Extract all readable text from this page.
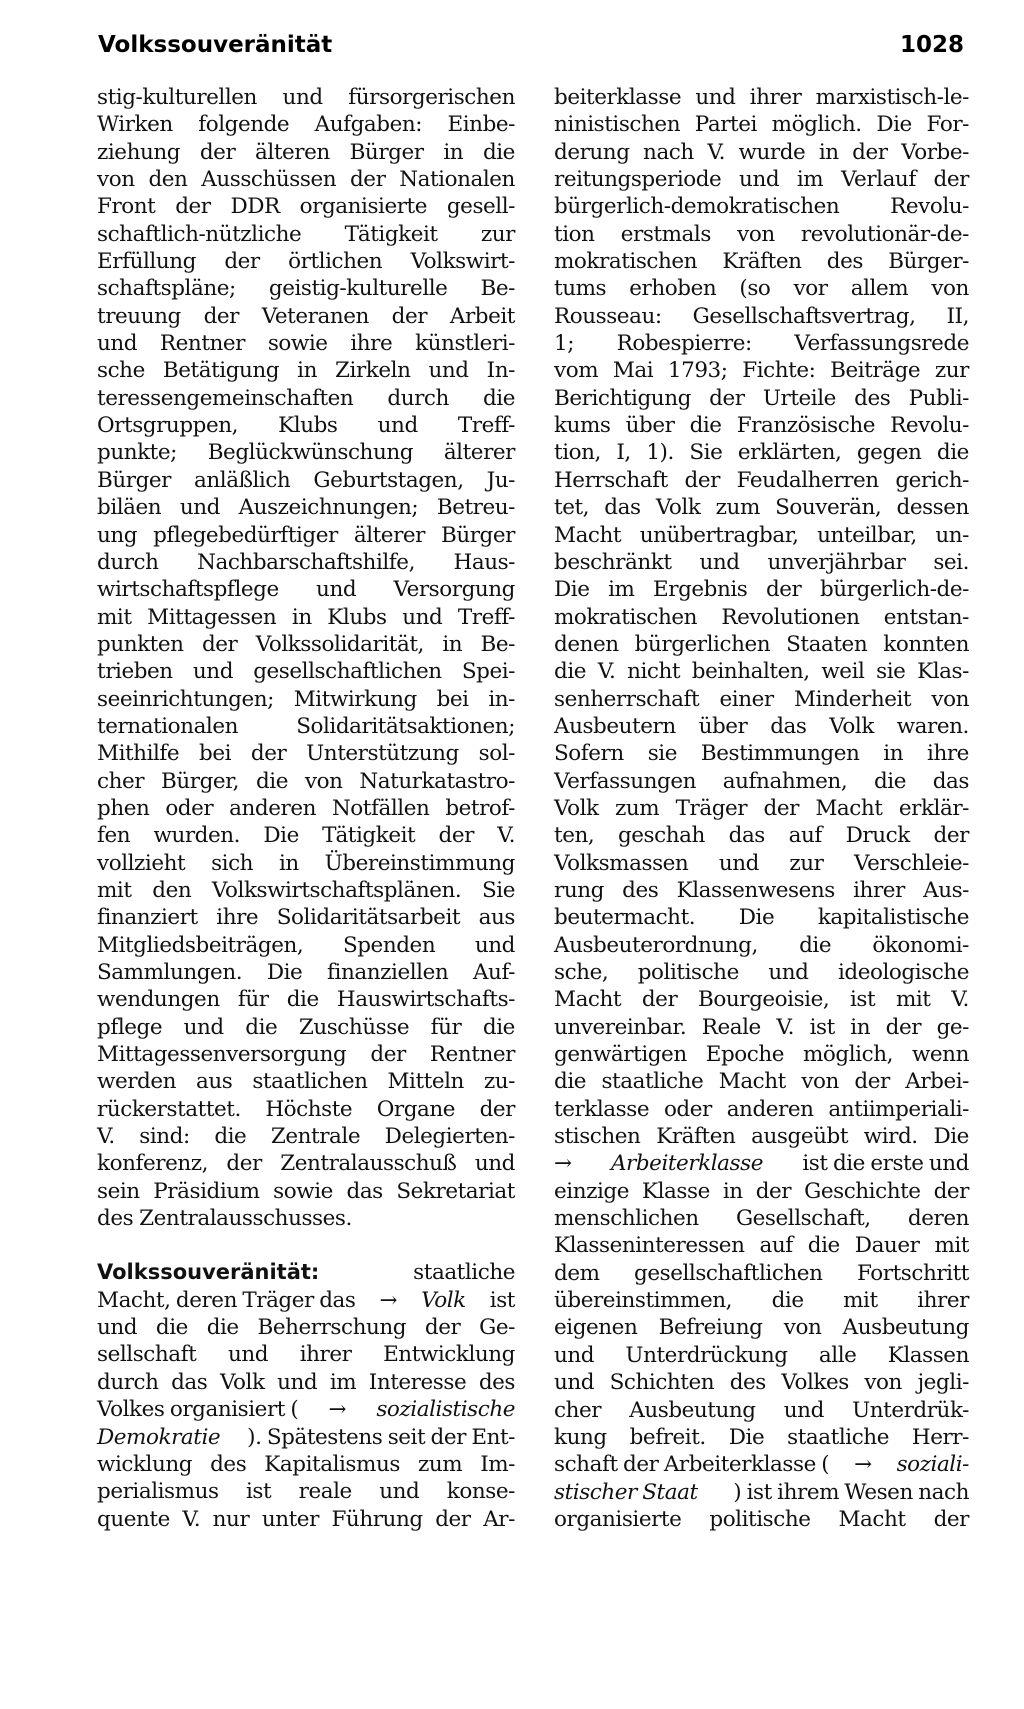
Volkssouveränität	1028
stig-kulturellen und fürsorgerischen
Wirken folgende Aufgaben: Einbe-
ziehung der älteren Bürger in die
von den Ausschüssen der Nationalen
Front der DDR organisierte gesell-
schaftlich-nützliche Tätigkeit zur
Erfüllung der örtlichen Volkswirt-
schaftspläne; geistig-kulturelle Be-
treuung der Veteranen der Arbeit
und Rentner sowie ihre künstleri-
sche Betätigung in Zirkeln und In-
teressengemeinschaften durch die
Ortsgruppen, Klubs und Treff-
punkte; Beglückwünschung älterer
Bürger anläßlich Geburtstagen, Ju-
biläen und Auszeichnungen; Betreu-
ung pflegebedürftiger älterer Bürger
durch Nachbarschaftshilfe, Haus-
wirtschaftspflege und Versorgung
mit Mittagessen in Klubs und Treff-
punkten der Volkssolidarität, in Be-
trieben und gesellschaftlichen Spei-
seeinrichtungen; Mitwirkung bei in-
ternationalen	Solidaritätsaktionen;
Mithilfe bei der Unterstützung sol-
cher Bürger, die von Naturkatastro-
phen oder anderen Notfällen betrof-
fen wurden. Die Tätigkeit der V.
vollzieht sich in Übereinstimmung
mit den Volkswirtschaftsplänen. Sie
finanziert ihre Solidaritätsarbeit aus
Mitgliedsbeiträgen, Spenden und
Sammlungen. Die finanziellen Auf-
wendungen für die Hauswirtschafts-
pflege und die Zuschüsse für die
Mittagessenversorgung der Rentner
werden aus staatlichen Mitteln zu-
rückerstattet. Höchste Organe der
V. sind: die Zentrale Delegierten-
konferenz, der Zentralausschuß und
sein Präsidium sowie das Sekretariat
des Zentralausschusses.
Volkssouveränität:	staatliche
Macht, deren Träger das → Volk ist
und die die Beherrschung der Ge-
sellschaft und ihrer Entwicklung
durch das Volk und im Interesse des
Volkes organisiert ( → sozialistische
Demokratie ). Spätestens seit der Ent-
wicklung des Kapitalismus zum Im-
perialismus ist reale und konse-
quente V. nur unter Führung der Ar-
beiterklasse und ihrer marxistisch-le-
ninistischen Partei möglich. Die For-
derung nach V. wurde in der Vorbe-
reitungsperiode und im Verlauf der
bürgerlich-demokratischen Revolu-
tion erstmals von revolutionär-de-
mokratischen Kräften des Bürger-
tums erhoben (so vor allem von
Rousseau: Gesellschaftsvertrag, II,
1; Robespierre: Verfassungsrede
vom Mai 1793; Fichte: Beiträge zur
Berichtigung der Urteile des Publi-
kums über die Französische Revolu-
tion, I, 1). Sie erklärten, gegen die
Herrschaft der Feudalherren gerich-
tet, das Volk zum Souverän, dessen
Macht unübertragbar, unteilbar, un-
beschränkt und unverjährbar sei.
Die im Ergebnis der bürgerlich-de-
mokratischen Revolutionen entstan-
denen bürgerlichen Staaten konnten
die V. nicht beinhalten, weil sie Klas-
senherrschaft einer Minderheit von
Ausbeutern über das Volk waren.
Sofern sie Bestimmungen in ihre
Verfassungen aufnahmen, die das
Volk zum Träger der Macht erklär-
ten, geschah das auf Druck der
Volksmassen und zur Verschleie-
rung des Klassenwesens ihrer Aus-
beutermacht. Die kapitalistische
Ausbeuterordnung, die ökonomi-
sche, politische und ideologische
Macht der Bourgeoisie, ist mit V.
unvereinbar. Reale V. ist in der ge-
genwärtigen Epoche möglich, wenn
die staatliche Macht von der Arbei-
terklasse oder anderen antiimperiali-
stischen Kräften ausgeübt wird. Die
→ Arbeiterklasse ist die erste und
einzige Klasse in der Geschichte der
menschlichen Gesellschaft, deren
Klasseninteressen auf die Dauer mit
dem gesellschaftlichen Fortschritt
übereinstimmen, die mit ihrer
eigenen Befreiung von Ausbeutung
und Unterdrückung alle Klassen
und Schichten des Volkes von jegli-
cher Ausbeutung und Unterdrük-
kung befreit. Die staatliche Herr-
schaft der Arbeiterklasse ( → soziali-
stischer Staat ) ist ihrem Wesen nach
organisierte politische Macht der
